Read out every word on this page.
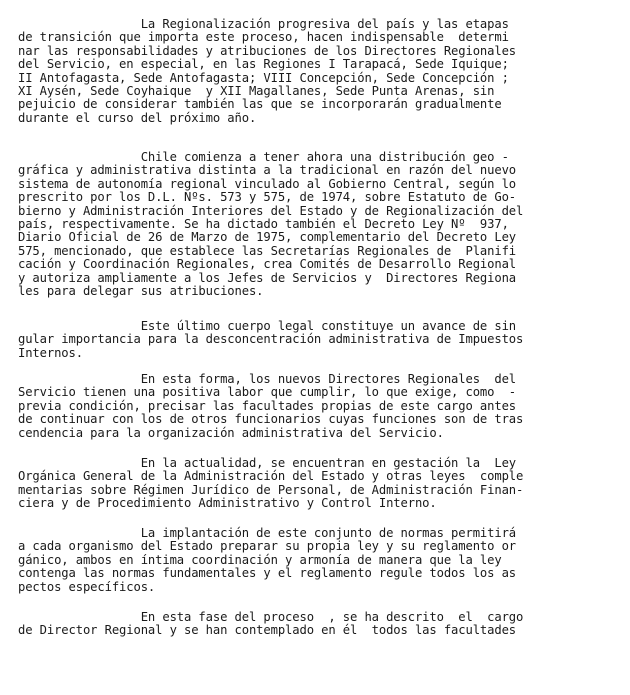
La Regionalización progresiva del país y las etapas
de transición que importa este proceso, hacen indispensable  determi
nar las responsabilidades y atribuciones de los Directores Regionales
del Servicio, en especial, en las Regiones I Tarapacá, Sede Iquique;
II Antofagasta, Sede Antofagasta; VIII Concepción, Sede Concepción ;
XI Aysén, Sede Coyhaique  y XII Magallanes, Sede Punta Arenas, sin
pejuicio de considerar también las que se incorporarán gradualmente
durante el curso del próximo año.
Chile comienza a tener ahora una distribución geo -
gráfica y administrativa distinta a la tradicional en razón del nuevo
sistema de autonomía regional vinculado al Gobierno Central, según lo
prescrito por los D.L. Nºs. 573 y 575, de 1974, sobre Estatuto de Go-
bierno y Administración Interiores del Estado y de Regionalización del
país, respectivamente. Se ha dictado también el Decreto Ley Nº  937,
Diario Oficial de 26 de Marzo de 1975, complementario del Decreto Ley
575, mencionado, que establece las Secretarías Regionales de  Planifi
cación y Coordinación Regionales, crea Comités de Desarrollo Regional
y autoriza ampliamente a los Jefes de Servicios y  Directores Regiona
les para delegar sus atribuciones.
Este último cuerpo legal constituye un avance de sin
gular importancia para la desconcentración administrativa de Impuestos
Internos.
En esta forma, los nuevos Directores Regionales  del
Servicio tienen una positiva labor que cumplir, lo que exige, como  -
previa condición, precisar las facultades propias de este cargo antes
de continuar con los de otros funcionarios cuyas funciones son de tras
cendencia para la organización administrativa del Servicio.
En la actualidad, se encuentran en gestación la  Ley
Orgánica General de la Administración del Estado y otras leyes  comple
mentarias sobre Régimen Jurídico de Personal, de Administración Finan-
ciera y de Procedimiento Administrativo y Control Interno.
La implantación de este conjunto de normas permitirá
a cada organismo del Estado preparar su propia ley y su reglamento or
gánico, ambos en íntima coordinación y armonía de manera que la ley
contenga las normas fundamentales y el reglamento regule todos los as
pectos específicos.
En esta fase del proceso  , se ha descrito  el  cargo
de Director Regional y se han contemplado en él  todos las facultades
